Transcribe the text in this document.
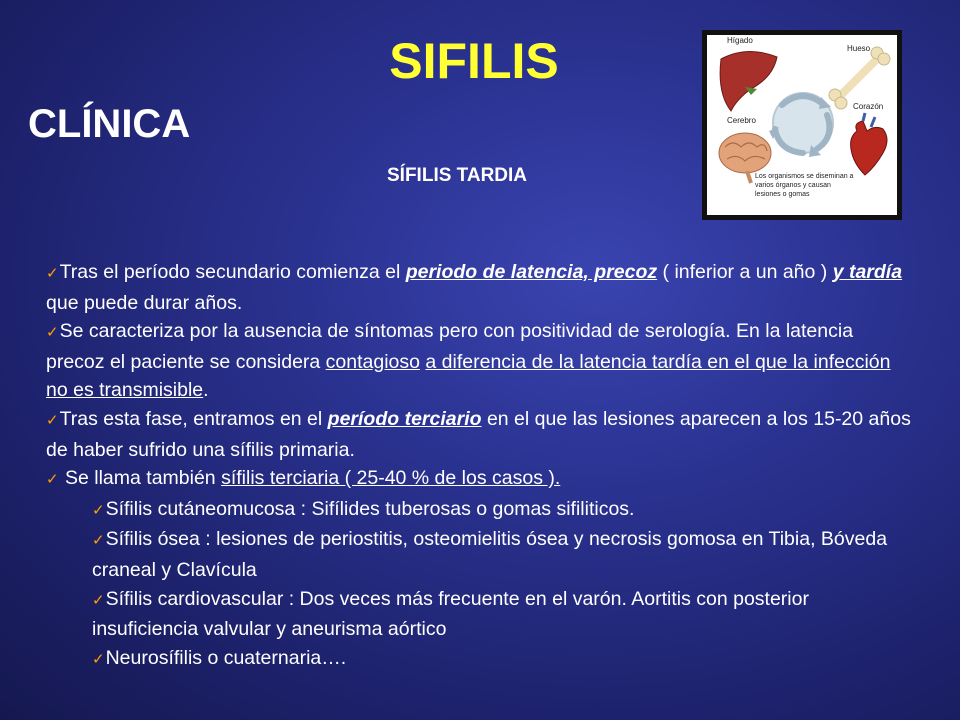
SIFILIS
CLÍNICA
SÍFILIS TARDIA
Hígado
Hueso
Cerebro
Corazón
Los organismos se diseminan a varios órganos y causan lesiones o gomas

✓Tras el período secundario comienza el periodo de latencia, precoz ( inferior a un año ) y tardía que puede durar años.

✓Se caracteriza por la ausencia de síntomas pero con positividad de serología. En la latencia precoz el paciente se considera contagioso a diferencia de la latencia tardía en el que la infección no es transmisible.

✓Tras esta fase, entramos en el período terciario en el que las lesiones aparecen a los 15-20 años de haber sufrido una sífilis primaria.

✓ Se llama también sífilis terciaria ( 25-40 % de los casos ).

✓Sífilis cutáneomucosa : Sifílides tuberosas o gomas sifiliticos.

✓Sífilis ósea : lesiones de periostitis, osteomielitis ósea y necrosis gomosa en Tibia, Bóveda craneal y Clavícula

✓Sífilis cardiovascular : Dos veces más frecuente en el varón. Aortitis con posterior insuficiencia valvular y aneurisma aórtico

✓Neurosífilis o cuaternaria….
